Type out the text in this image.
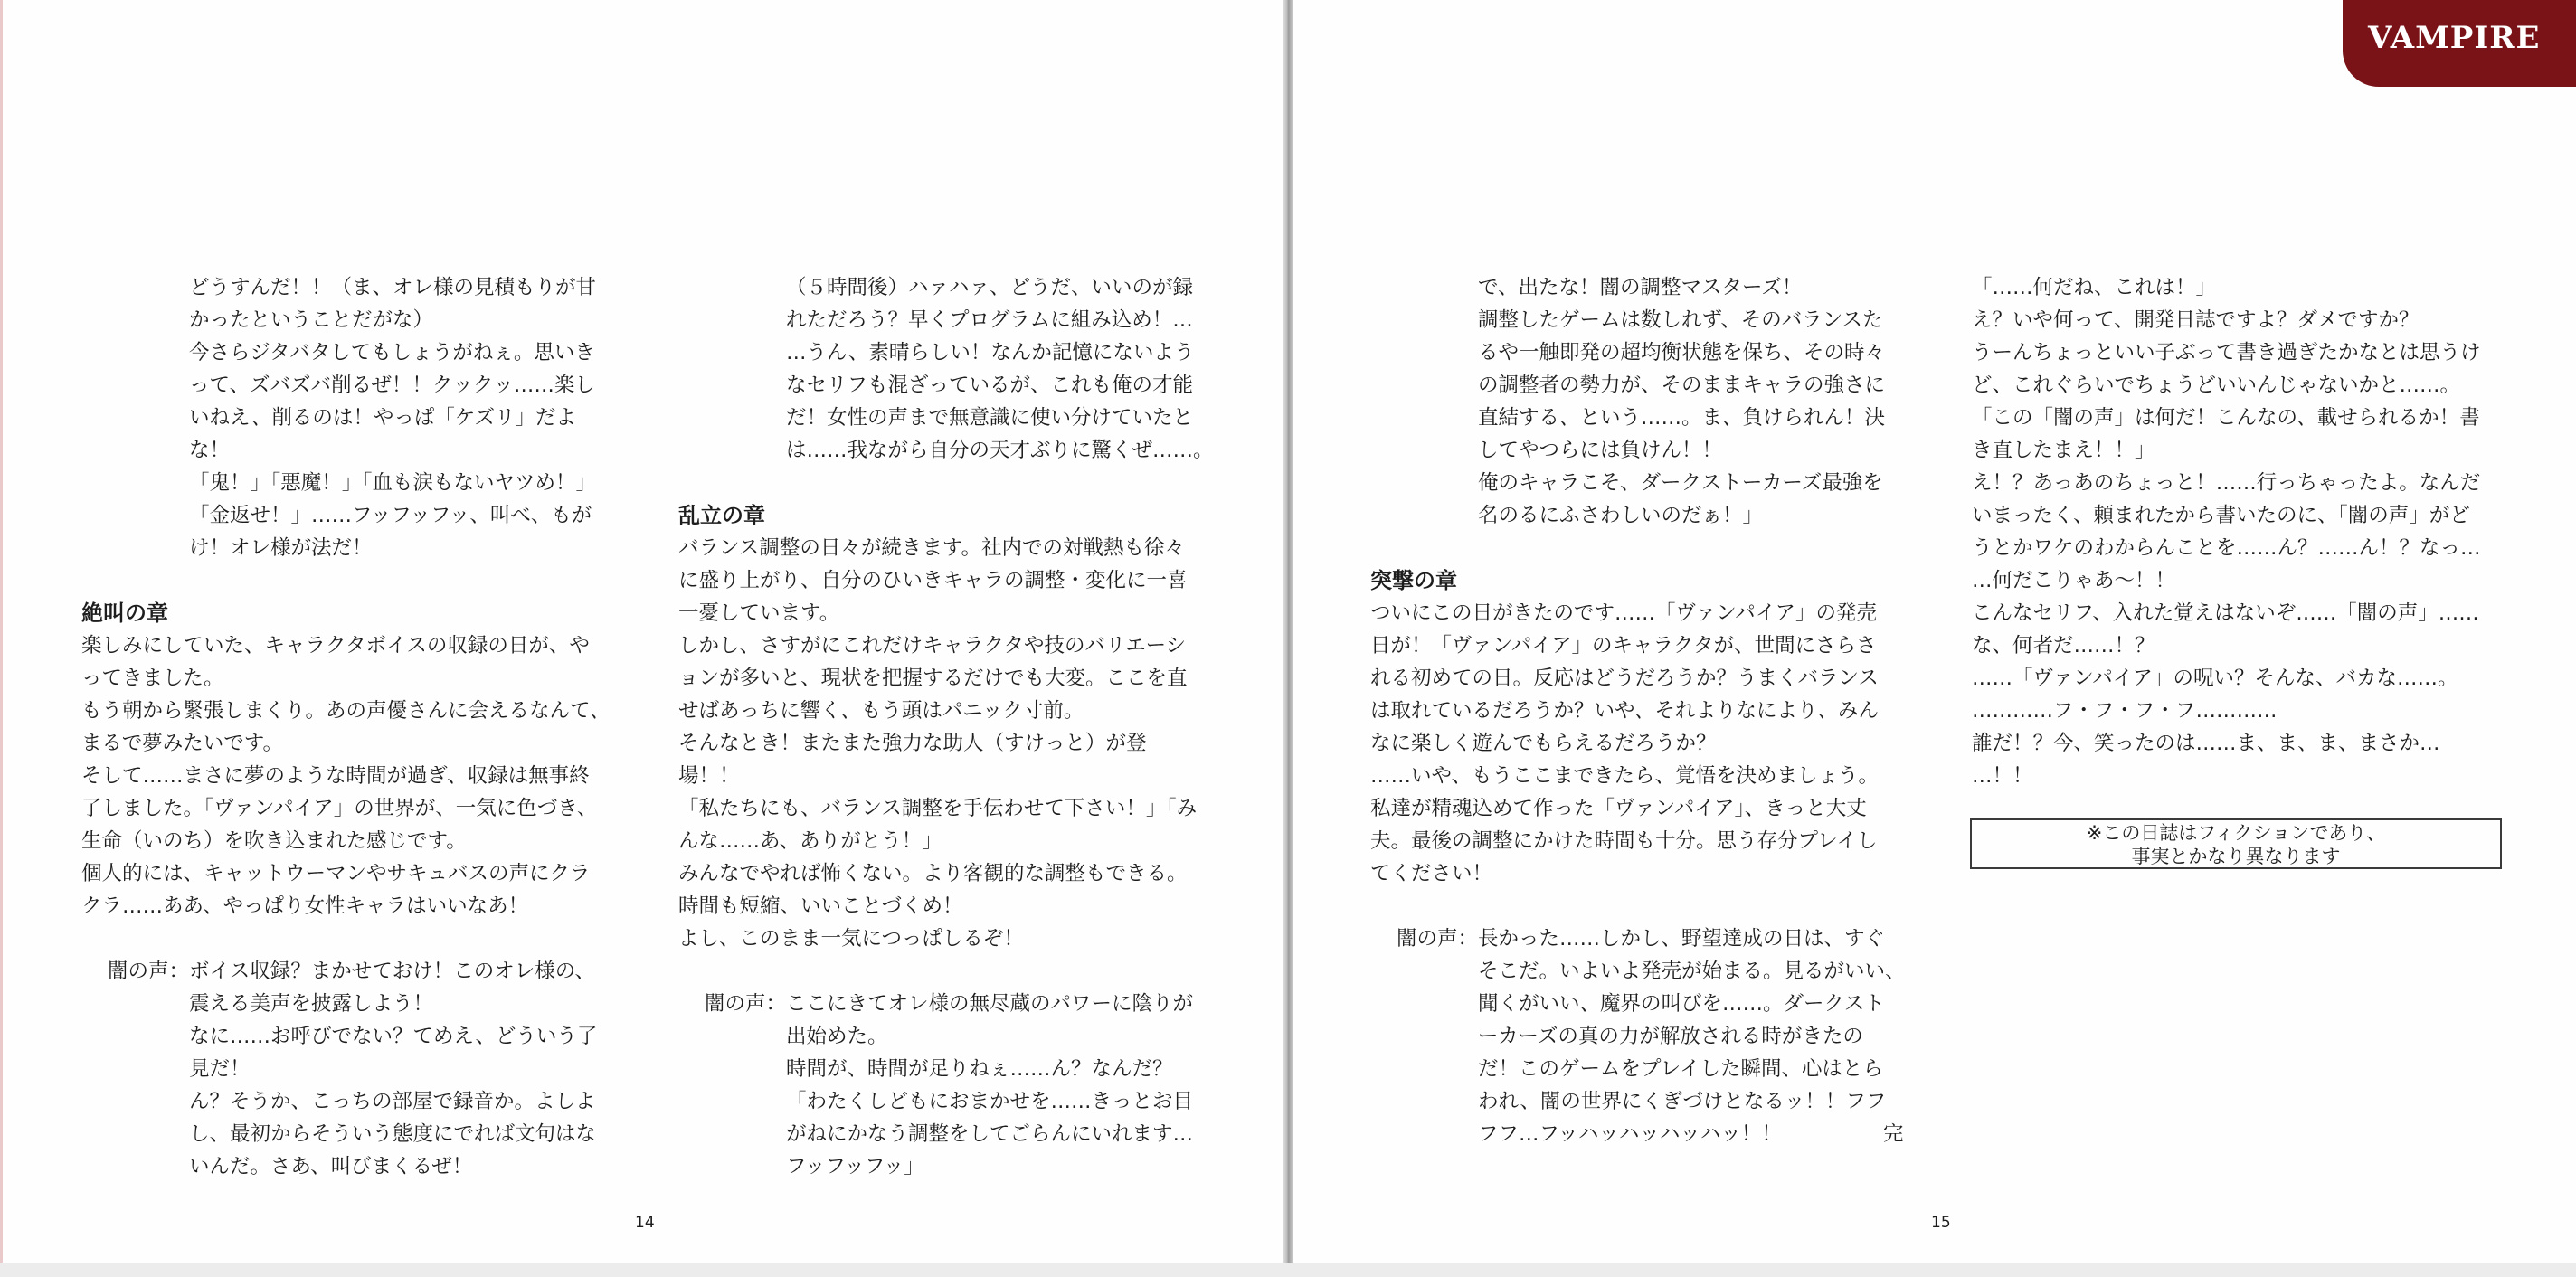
どうすんだ！！（ま、オレ様の見積もりが甘
かったということだがな）
今さらジタバタしてもしょうがねぇ。思いき
って、ズバズバ削るぜ！！クックッ……楽し
いねえ、削るのは！やっぱ「ケズリ」だよ
な！
「鬼！」「悪魔！」「血も涙もないヤツめ！」
「金返せ！」……フッフッフッ、叫べ、もが
け！オレ様が法だ！
絶叫の章
楽しみにしていた、キャラクタボイスの収録の日が、や
ってきました。
もう朝から緊張しまくり。あの声優さんに会えるなんて、
まるで夢みたいです。
そして……まさに夢のような時間が過ぎ、収録は無事終
了しました。「ヴァンパイア」の世界が、一気に色づき、
生命（いのち）を吹き込まれた感じです。
個人的には、キャットウーマンやサキュバスの声にクラ
クラ……ああ、やっぱり女性キャラはいいなあ！
闇の声：ボイス収録？まかせておけ！このオレ様の、
震える美声を披露しよう！
なに……お呼びでない？てめえ、どういう了
見だ！
ん？そうか、こっちの部屋で録音か。よしよ
し、最初からそういう態度にでれば文句はな
いんだ。さあ、叫びまくるぜ！
（５時間後）ハァハァ、どうだ、いいのが録
れただろう？早くプログラムに組み込め！…
…うん、素晴らしい！なんか記憶にないよう
なセリフも混ざっているが、これも俺の才能
だ！女性の声まで無意識に使い分けていたと
は……我ながら自分の天才ぶりに驚くぜ……。
乱立の章
バランス調整の日々が続きます。社内での対戦熱も徐々
に盛り上がり、自分のひいきキャラの調整・変化に一喜
一憂しています。
しかし、さすがにこれだけキャラクタや技のバリエーシ
ョンが多いと、現状を把握するだけでも大変。ここを直
せばあっちに響く、もう頭はパニック寸前。
そんなとき！またまた強力な助人（すけっと）が登
場！！
「私たちにも、バランス調整を手伝わせて下さい！」「み
んな……あ、ありがとう！」
みんなでやれば怖くない。より客観的な調整もできる。
時間も短縮、いいことづくめ！
よし、このまま一気につっぱしるぞ！
闇の声：ここにきてオレ様の無尽蔵のパワーに陰りが
出始めた。
時間が、時間が足りねぇ……ん？なんだ？
「わたくしどもにおまかせを……きっとお目
がねにかなう調整をしてごらんにいれます…
フッフッフッ」
14
で、出たな！闇の調整マスターズ！
調整したゲームは数しれず、そのバランスた
るや一触即発の超均衡状態を保ち、その時々
の調整者の勢力が、そのままキャラの強さに
直結する、という……。ま、負けられん！決
してやつらには負けん！！
俺のキャラこそ、ダークストーカーズ最強を
名のるにふさわしいのだぁ！」
突撃の章
ついにこの日がきたのです……「ヴァンパイア」の発売
日が！「ヴァンパイア」のキャラクタが、世間にさらさ
れる初めての日。反応はどうだろうか？うまくバランス
は取れているだろうか？いや、それよりなにより、みん
なに楽しく遊んでもらえるだろうか？
……いや、もうここまできたら、覚悟を決めましょう。
私達が精魂込めて作った「ヴァンパイア」、きっと大丈
夫。最後の調整にかけた時間も十分。思う存分プレイし
てください！
闇の声：長かった……しかし、野望達成の日は、すぐ
そこだ。いよいよ発売が始まる。見るがいい、
聞くがいい、魔界の叫びを……。ダークスト
ーカーズの真の力が解放される時がきたの
だ！このゲームをプレイした瞬間、心はとら
われ、闇の世界にくぎづけとなるッ！！フフ
フフ…フッハッハッハッハッ！！	完
「……何だね、これは！」
え？いや何って、開発日誌ですよ？ダメですか？
うーんちょっといい子ぶって書き過ぎたかなとは思うけ
ど、これぐらいでちょうどいいんじゃないかと……。
「この「闇の声」は何だ！こんなの、載せられるか！書
き直したまえ！！」
え！？あっあのちょっと！……行っちゃったよ。なんだ
いまったく、頼まれたから書いたのに、「闇の声」がど
うとかワケのわからんことを……ん？……ん！？なっ…
…何だこりゃあ〜！！
こんなセリフ、入れた覚えはないぞ……「闇の声」……
な、何者だ……！？
……「ヴァンパイア」の呪い？そんな、バカな……。
…………フ・フ・フ・フ…………
誰だ！？今、笑ったのは……ま、ま、ま、まさか…
…！！
※この日誌はフィクションであり、
事実とかなり異なります
15
VAMPIRE
